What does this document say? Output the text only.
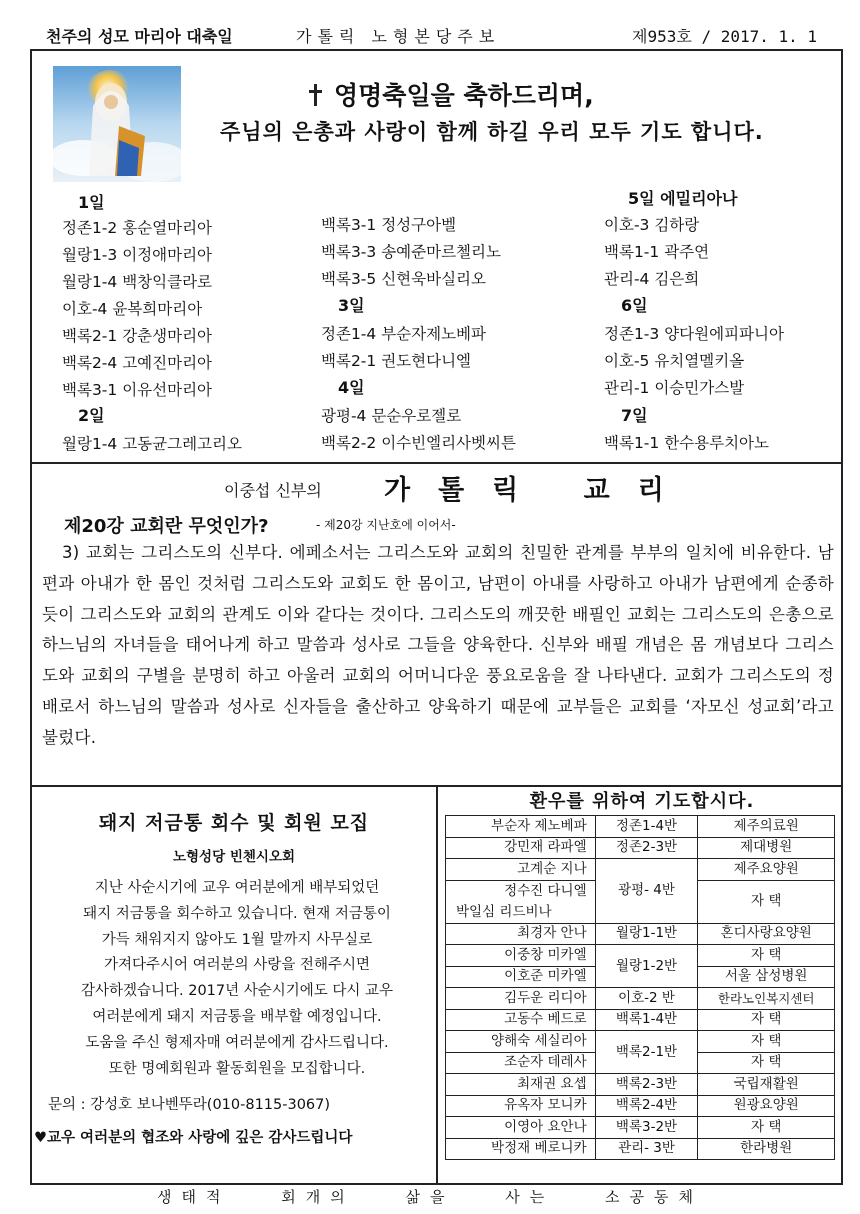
천주의 성모 마리아 대축일	가톨릭 노형본당주보	제953호 / 2017. 1. 1
영명축일을 축하드리며,
주님의 은총과 사랑이 함께 하길 우리 모두 기도 합니다.
1일
정존1-2 홍순열마리아
월랑1-3 이정애마리아
월랑1-4 백창익클라로
이호-4 윤복희마리아
백록2-1 강춘생마리아
백록2-4 고예진마리아
백록3-1 이유선마리아
2일
월랑1-4 고동균그레고리오
백록3-1 정성구아벨
백록3-3 송예준마르첼리노
백록3-5 신현욱바실리오
3일
정존1-4 부순자제노베파
백록2-1 권도현다니엘
4일
광평-4 문순우로젤로
백록2-2 이수빈엘리사벳씨튼
5일 에밀리아나
이호-3 김하랑
백록1-1 곽주연
관리-4 김은희
6일
정존1-3 양다원에피파니아
이호-5 유치열멜키올
관리-1 이승민가스발
7일
백록1-1 한수용루치아노
이중섭 신부의 가톨릭 교리
제20강 교회란 무엇인가?	- 제20강 지난호에 이어서-
3) 교회는 그리스도의 신부다. 에페소서는 그리스도와 교회의 친밀한 관계를 부부의 일치에 비유한다. 남편과 아내가 한 몸인 것처럼 그리스도와 교회도 한 몸이고, 남편이 아내를 사랑하고 아내가 남편에게 순종하듯이 그리스도와 교회의 관계도 이와 같다는 것이다. 그리스도의 깨끗한 배필인 교회는 그리스도의 은총으로 하느님의 자녀들을 태어나게 하고 말씀과 성사로 그들을 양육한다. 신부와 배필 개념은 몸 개념보다 그리스도와 교회의 구별을 분명히 하고 아울러 교회의 어머니다운 풍요로움을 잘 나타낸다. 교회가 그리스도의 정배로서 하느님의 말씀과 성사로 신자들을 출산하고 양육하기 때문에 교부들은 교회를 ‘자모신 성교회’라고 불렀다.
돼지 저금통 회수 및 회원 모집
노형성당 빈첸시오회
지난 사순시기에 교우 여러분에게 배부되었던
돼지 저금통을 회수하고 있습니다. 현재 저금통이
가득 채워지지 않아도 1월 말까지 사무실로
가져다주시어 여러분의 사랑을 전해주시면
감사하겠습니다. 2017년 사순시기에도 다시 교우
여러분에게 돼지 저금통을 배부할 예정입니다.
도움을 주신 형제자매 여러분에게 감사드립니다.
또한 명예회원과 활동회원을 모집합니다.
문의 : 강성호 보나벤뚜라(010-8115-3067)
♥교우 여러분의 협조와 사랑에 깊은 감사드립니다
환우를 위하여 기도합시다.
부순자 제노베파	정존1-4반	제주의료원
강민재 라파엘	정존2-3반	제대병원
고계순 지나	광평- 4반	제주요양원
정수진 다니엘		자 택
박일심 리드비나		
최경자 안나	월랑1-1반	혼디사랑요양원
이중창 미카엘	월랑1-2반	자 택
이호준 미카엘		서울 삼성병원
김두운 리디아	이호-2 반	한라노인복지센터
고동수 베드로	백록1-4반	자 택
양해숙 세실리아	백록2-1반	자 택
조순자 데레사		자 택
최재권 요셉	백록2-3반	국립재활원
유옥자 모니카	백록2-4반	원광요양원
이영아 요안나	백록3-2반	자 택
박정재 베로니카	관리- 3반	한라병원
생태적	회개의	삶을	사는	소공동체
